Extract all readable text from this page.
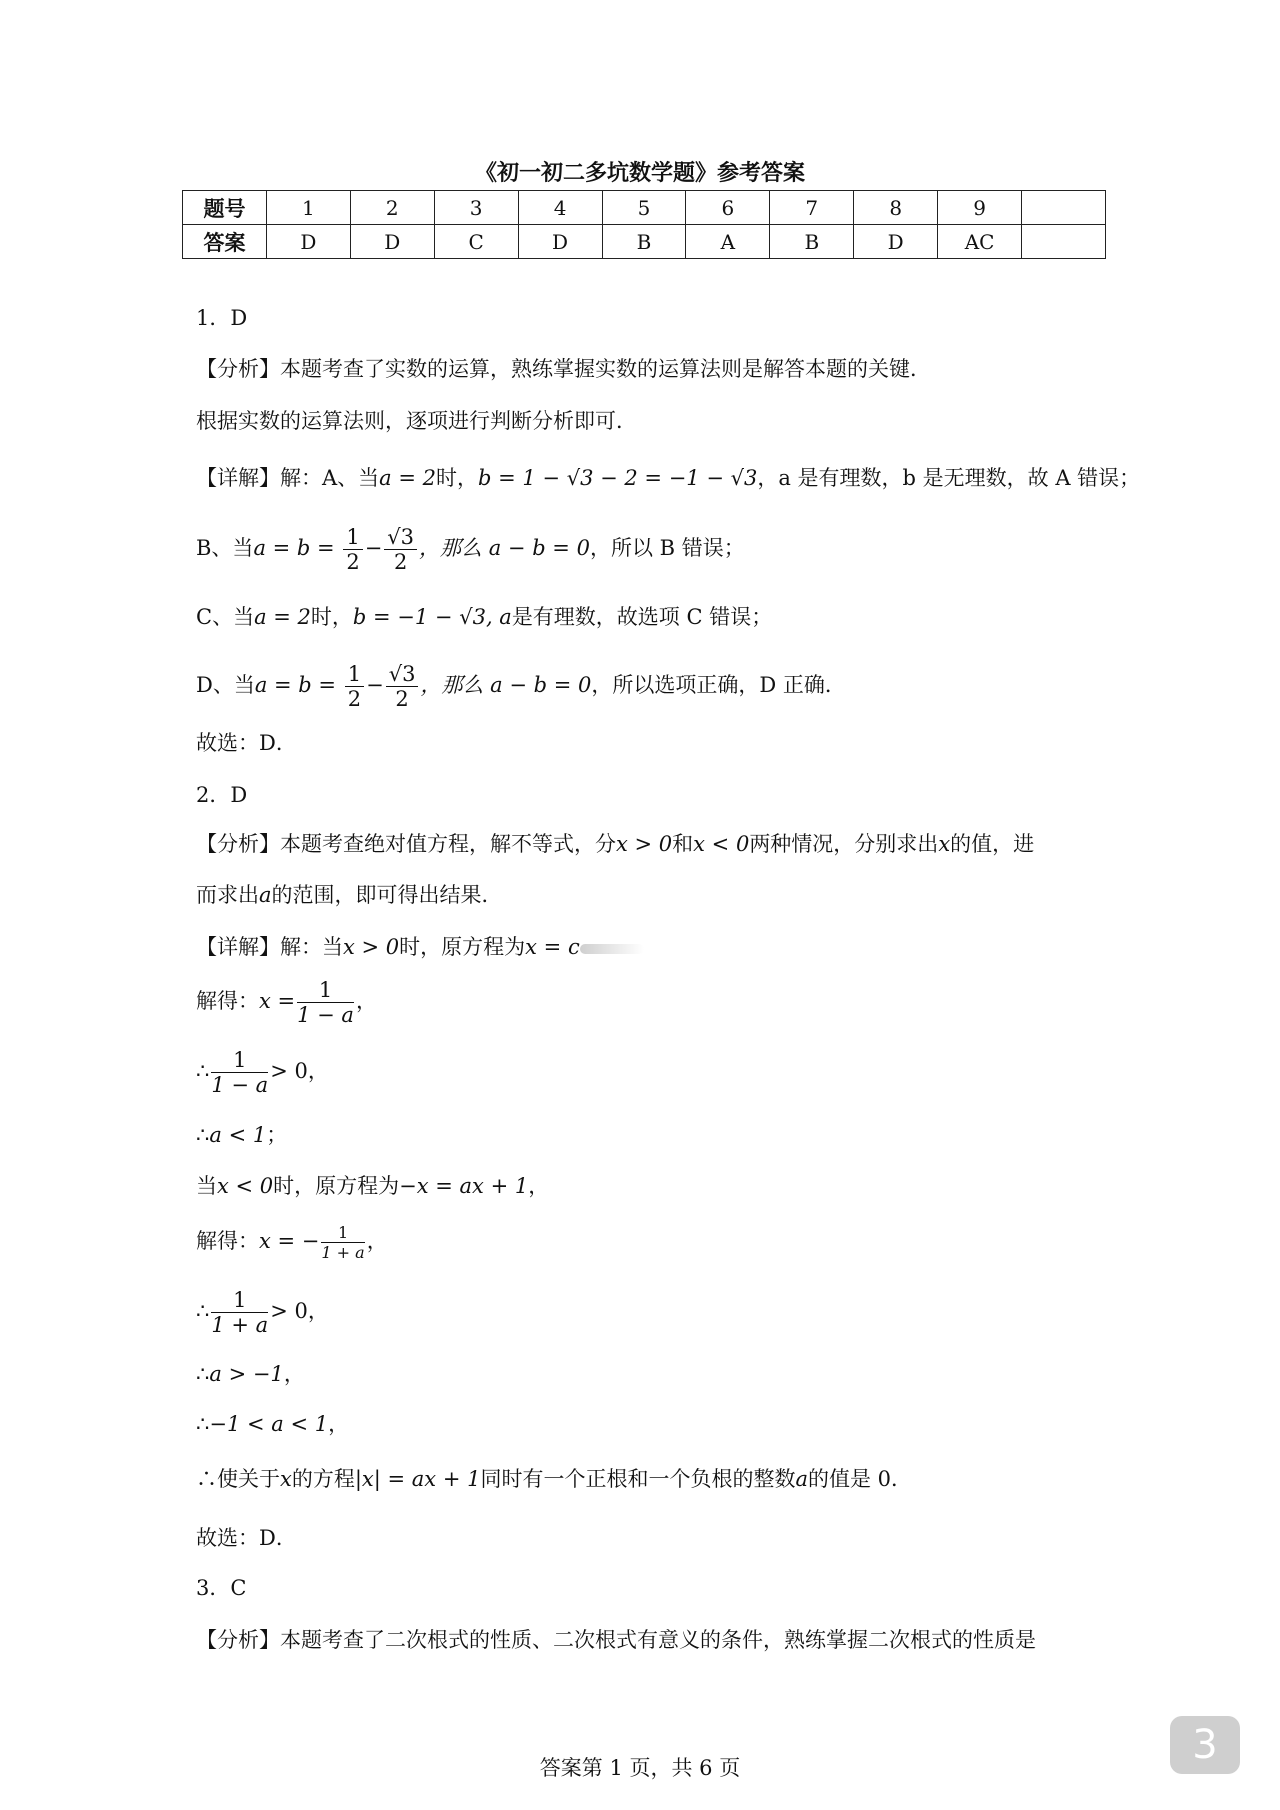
《初一初二多坑数学题》参考答案
题号	1	2	3	4	5	6	7	8	9	
答案	D	D	C	D	B	A	B	D	AC	
1．D
【分析】本题考查了实数的运算，熟练掌握实数的运算法则是解答本题的关键．
根据实数的运算法则，逐项进行判断分析即可．
【详解】解：A、当a = 2时，b = 1 − √3 − 2 = −1 − √3，a 是有理数，b 是无理数，故 A 错误；
B、当$a = b = \frac{1}{2} - \frac{√3}{2}$ ，那么 a − b = 0，所以 B 错误；
C、当a = 2时，b = −1 − √3, a是有理数，故选项 C 错误；
D、当$a = b = \frac{1}{2} - \frac{√3}{2}$ ，那么 a − b = 0，所以选项正确，D 正确．
故选：D．
2．D
【分析】本题考查绝对值方程，解不等式，分x > 0和x < 0两种情况，分别求出x的值，进
而求出a的范围，即可得出结果．
【详解】解：当x > 0时，原方程为x = c
解得：$x = \frac{1}{1 - a}$ ，
∴ $\frac{1}{1 - a} > 0$，
∴a < 1；
当x < 0时，原方程为−x = ax + 1，
解得：x = − $\frac{1}{1 + a}$ ，
∴ $\frac{1}{1 + a} > 0$，
∴a > −1，
∴−1 < a < 1，
∴使关于x的方程|x| = ax + 1同时有一个正根和一个负根的整数a的值是 0．
故选：D．
3．C
【分析】本题考查了二次根式的性质、二次根式有意义的条件，熟练掌握二次根式的性质是
答案第 1 页，共 6 页	3
